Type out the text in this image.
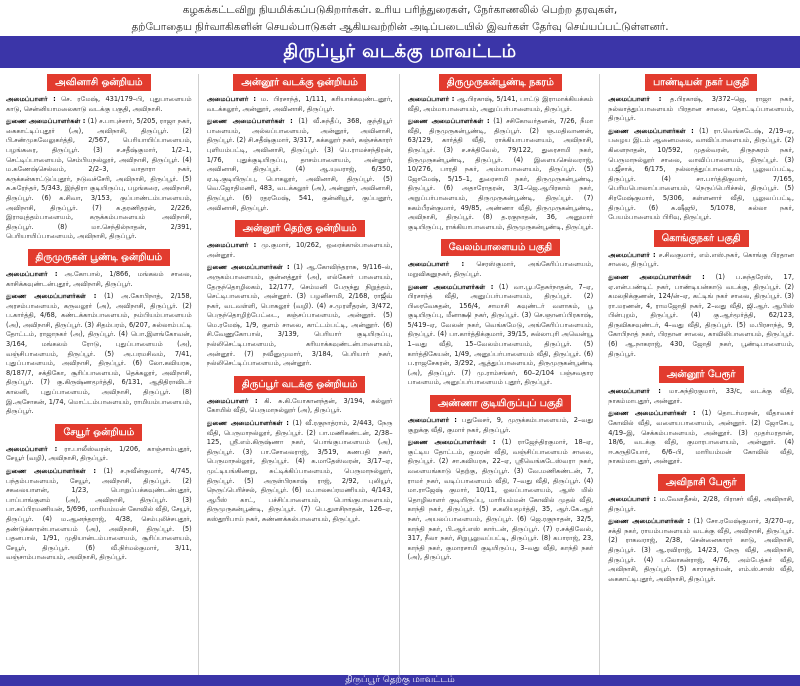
கழகக்கட்டவிறு நியமிக்கப்படுகிறார்கள். உரிய பரிந்துரைகள், நேர்காணலில் பெற்ற தரவுகள்,
தற்போதைய நிர்வாகிகளின் செயல்பாடுகள் ஆகியவற்றின் அடிப்படையில் இவர்கள் தேர்வு செய்யப்பட்டுள்ளனர்.
திருப்பூர் வடக்கு மாவட்டம்
அவினாசி ஒன்றியம்

அமைப்பாளர் : செ. ரமேஷ், 431/179–பி, புதுபாளையம் காடு, சென்னியாமலைகாடு வடக்கு பகுதி, அவிநாசி.

துணை அமைப்பாளர்கள் : (1) ச.பாபுச்சார், 5/205, ராஜா நகர், கைகாட்டிப்புதூர் (அ), அவிநாசி, திருப்பூர். (2) பி.சண்முகவேலுகர்த்தி, 2/567, பெரியாயிப்பாளையம், பழங்கரை, திருப்பூர். (3) ச.சதீஷ்குமார், 1/2–1, செட்டிப்பாளையம், செம்பியநல்லூர், அவிநாசி, திருப்பூர். (4) ம.கணேஷ்செல்வம், 2/2–3, வாதாரா நகர், கருக்கன்காட்டுப்புதூர், நடுவச்சேரி, அவிநாசி, திருப்பூர். (5) சு.சுரேந்தர், 5/343, இந்திரா குடியிருப்பு, பழங்கரை, அவிநாசி, திருப்பூர். (6) க.சிவா, 3/153, குப்பாண்டம்பாளையம், அவிநாசி, திருப்பூர். (7) க.தரணிதரன், 2/226, இராவுத்தம்பாளையம், கருக்கம்பாளையம் அவிநாசி, திருப்பூர். (8) மா.செந்தில்நாதன், 2/391, பெரியாயிப்பாளையம், அவிநாசி, திருப்பூர்.

திருமுருகன் பூண்டி ஒன்றியம்

அமைப்பாளர் : அ.கோபால், 1/866, மங்கலம் சாலை, காசிக்கவுண்டன்புதூர், அவிநாசி, திருப்பூர்.

துணை அமைப்பாளர்கள் : (1) அ.கோபிநாத், 2/158, அரசம்பாளையம், கருவலூர் (அ), அவிநாசி, திருப்பூர். (2) ப.கார்த்தி, 4/68, கண்டக்காம்பாளையம், நம்பியம்பாளையம் (அ), அவிநாசி, திருப்பூர். (3) சிதம்பரம், 6/207, சுல்லாம்பட்டி தோட்டம், ராஜாநகர் (அ), திருப்பூர். (4) பொ.இளங்கோவன், 3/164, மங்கலம் ரோடு, புதுப்பாளையம் (அ), வஞ்சிபாளையம், திருப்பூர். (5) அ.பரமசிவம், 7/41, புதுப்பாளையம், அவிநாசி, திருப்பூர். (6) லோ.கவியரசு, 8/187/7, சக்திகோ, சூரிப்பாளையம், தெக்கலூர், அவிநாசி, திருப்பூர். (7) கு.கிருஷ்ணமூர்த்தி, 6/131, ஆதிதிராவிடர் காலனி, புதுப்பாளையம், அவிநாசி, திருப்பூர். (8) இ.அசோகன், 1/74, மொட்டம்பாளையம், ராமியம்பாளையம், திருப்பூர்.

சேயூர் ஒன்றியம்

அமைப்பாளர் : ரா.பாலீஸ்வரன், 1/206, காஞ்சாம்புதூர், சேயூர் (வழி), அவிநாசி, திருப்பூர்.

துணை அமைப்பாளர்கள் : (1) ச.நவீன்குமார், 4/745, பந்தம்பாளையம், சேயூர், அவிநாசி, திருப்பூர். (2) சகலையாளன், 1/23, பொறுப்பக்கவுண்டன்புதூர், பாப்பாங்குளம் (அ), அவிநாசி, திருப்பூர். (3) பா.சுப்பிரமணியன், 5/696, மாரியம்மன் கோவில் வீதி, சேயூர், திருப்பூர். (4) ம.ஆனந்தராஜ், 4/38, செம்புலிச்சபுதூர், தண்டுக்காரன்பாளையம் (அ), அவிநாசி, திருப்பூர். (5) பதனபால், 1/91, முதியான்டம்பாளையம், சூரிப்பாளையம், சேயூர், திருப்பூர். (6) வீ.நிர்மல்குமார், 3/11, வஞ்சாம்பாளையம், அவிநாசி, திருப்பூர்.

அன்னூர் வடக்கு ஒன்றியம்

அமைப்பாளர் : ம. பிரசாந்த், 1/111, கரியாக்கவுண்டனூர், வடக்கலூர், அன்னூர், அவினாசி, திருப்பூர்.

துணை அமைப்பாளர்கள் : (1) வீ.சுந்தீப், 368, குந்தியூர் பாளையம், அல்லப்பாளையம், அன்னூர், அவினாசி, திருப்பூர். (2) சி.சதீஷ்குமார், 3/317, கக்கலூர் நகர், கஞ்சக்காரர் புளியம்பட்டி, அவினாசி, திருப்பூர். (3) பெ.ராமச்சந்திரன், 1/76, புதுக்குடியிருப்பு, தாசம்பாளையம், அன்னூர், அவினாசி, திருப்பூர். (4) ஆ.யுவராஜ், 6/350, ஏ.டி.குடியிருப்பு, பொகலூர், அவினாசி, திருப்பூர். (5) வெ.ஜோதிமணி, 483, வடக்கலூர் (அ), அன்னூர், அவினாசி, திருப்பூர். (6) ரதரமேஷ், 541, குன்னியூர், குப்பனூர், அவினாசி, திருப்பூர்.

அன்னூர் தெற்கு ஒன்றியம்

அமைப்பாளர் : மு.குமார், 10/262, ஒரைக்கால்பாளையம், அன்னூர்.

துணை அமைப்பாளர்கள் : (1) ஆ.கோவிந்தராசு, 9/116–ல், அருகம்பாளையம், குன்னத்தூர் (அ), எல்கேசர் பாளையம், தேருந்தொழிலகம், 12/177, செம்மனி பேருந்து நிறுத்தம், செட்டிபாளையம், அன்னூர். (3) பழனிசாமி, 2/168, ராஜீவ் நகர், வடவள்ளி, பொகலூர் (வழி). (4) ச.முரளீதரன், 3/472, பெருந்தொழிற்பேட்டை, கஞ்சப்பாளையம், அன்னூர். (5) மெ.ரமேஷ், 1/9, குளம் சாலை, காட்டம்பட்டி, அன்னூர். (6) சி.வேணுகோபால், 3/139, பெரியார் குடியிருப்பு, நல்லிசெட்டிபாளையம், கரியாக்கவுண்டன்பாளையம், அன்னூர். (7) நவீனுமுமார், 3/184, பெரியார் நகர், நல்லிசெட்டிப்பாளையம், அன்னூர்.

திருப்பூர் வடக்கு ஒன்றியம்

அமைப்பாளர் : கி. சு.கி.யோகானந்தன், 3/194, சுல்லூர் கோயில் வீதி, பெருமாநல்லூர் (அ), திருப்பூர்.

துணை அமைப்பாளர்கள் : (1) வீ.ரகுநாத்ராம், 2/443, நேரு வீதி, பெருமாநல்லூர், திருப்பூர். (2) பா.மணிகண்டன், 2/38–125, ஸ்ரீ.எம்.கிருஷ்ணா நகர், பொங்குபாளையம் (அ), திருப்பூர். (3) பா.சோலைராஜ், 3/519, கணபதி நகர், பெருமாநல்லூர், திருப்பூர். (4) க.மாதேஸ்வரன், 3/17–ஏ, முட்டியங்கிணறு, சுட்டிக்கிப்பாளையம், பெருமாநல்லூர், திருப்பூர். (5) அருள்பிரகாஷ் ராஜ், 2/92, புலியூர், நெருப்பெரிச்சல், திருப்பூர். (6) ம.பாலசுப்ரமணியம், 4/143, ஆபீஸ் காட், பச்சிப்பாளையம், பொங்குபாளையம், திருமுருகன்பூண்டி, திருப்பூர். (7) பெ.துளசிநாதன், 126–ஏ, கஸ்தூரிபாய் நகர், சுண்ணக்கல்பாளையம், திருப்பூர்.

திருமுருகன்பூண்டி நகரம்

அமைப்பாளர் : ஆ.பிரகாஷ், 5/141, பாட்டு இராமாக்கியக்கம் வீதி, அம்மாபாளையம், அனுப்பர்பாளையம், திருப்பூர்.

துணை அமைப்பாளர்கள் : (1) சசிகோவர்தனன், 7/26, நீமா வீதி, திருமுருகன்பூண்டி, திருப்பூர். (2) ஞ.மதிவாணன், 63/129, கார்த்தி வீதி, ராக்கியாபாளையம், அவிநாசி, திருப்பூர். (3) ச.சக்திவேல், 79/122, துரைசாமி நகர், திருமுருகன்பூண்டி, திருப்பூர். (4) இளையசெல்வராஜ், 10/276, பாரதி நகர், அம்மாபாளையம், திருப்பூர். (5) ஜோமேஷ், 5/15–1, துரைசாமி நகர், திருமுருகன்பூண்டி, திருப்பூர். (6) அதாரோதரன், 3/1–ஜெ.ஆபிரகாம் நகர், அநுப்பர்பாளையம், திருமுருகன்பூண்டி, திருப்பூர். (7) சுகம்பீரன்குமார், 49/85, அண்ணா வீதி, திருமுருகன்பூண்டி, அவிநாசி, திருப்பூர். (8) த.ரகுநாதன், 36, அனுமார் குடியிருப்பு, ராக்கியாபாளையம், திருமுருகன்பூண்டி, திருப்பூர்.

வேலம்பாளையம் பகுதி

அமைப்பாளர் : செரஸ்குமார், அங்கேரிப்பாளையம், மறுவிகனுநகர், திருப்பூர்.

துணை அமைப்பாளர்கள் : (1) வா.பூபதேசுர்நாதன், 7–ஏ, பிரசாந்த் வீதி, அனுப்பர்பாளையம், திருப்பூர். (2) பிரைவேசுதன், 156/4, சாமாசி கவுண்டர் வளாகம், பூ குடியிருப்பு, மீனாக்ஷி நகர், திருப்பூர். (3) செ.ஞானப்பிரகாஷ், 5/419–ஏ, வேலன் நகர், வெங்கமேடு, அங்கேரிப்பாளையம், திருப்பூர். (4) பா.கார்த்திக்குமார், 39/15, சுல்லாபுரி அவென்யூ 1–வது வீதி, 15–வேலம்பாளையம், திருப்பூர். (5) கார்த்திகேயன், 1/49, அனுப்பர்பாளையம் வீதி, திருப்பூர். (6) ப.ராஜசேகரன், 3/292, ஆத்துப்பாளையம், திருமுருகன்பூண்டி (அ), திருப்பூர். (7) மு.ராம்சங்கர், 60–2/104 பஞ்சவதார பாளையம், அனுப்பர்பாளையம் புதூர், திருப்பூர்.

அண்ணா குடியிருப்புப் பகுதி

அமைப்பாளர் : பதுலேசர், 9, முருக்கம்பாளையம், 2–வது குறுக்கு வீதி, குமார் நகர், திருப்பூர்.

துணை அமைப்பாளர்கள் : (1) ராஜேந்திரகுமார், 18–ஏ, குட்டிய தோட்டம், குமரன் வீதி, வஞ்சிப்பாளையம் சாலை, திருப்பூர். (2) சா.கவியரசு, 22–ஏ, ஸ்ரீவெங்கடேஸ்வரா நகர், வளையங்காடு தெற்கு, திருப்பூர். (3) வே.மணிகண்டன், 7, ராமர் நகர், வடிப்பாளையம் வீதி, 7–வது வீதி, திருப்பூர். (4) மா.ராஜேஷ் குமார், 10/11, ஓலப்பாளையம், ஆஸ் மில் தொழிலாளர் குடியிருப்பு, மாரியம்மன் கோவில் முதல் வீதி, காந்தி நகர், திருப்பூர். (5) ச.கலியமூர்த்தி, 35, ஆர்.கே.ஆர் நகர், அயலப்பாளையம், திருப்பூர். (6) ஜெ.ரகுநாதன், 32/5, காந்தி நகர், பி.ஆர்.எஸ் கார்டன், திருப்பூர். (7) ர.சக்திவேல், 317, நீலா நகர், சிறுபூலுவப்பட்டி, திருப்பூர். (8) கபாராஜ், 23, காந்தி நகர், குமாரசாமி குடியிருப்பு, 3–வது வீதி, காந்தி நகர் (அ), திருப்பூர்.

பாண்டியன் நகர் பகுதி

அமைப்பாளர் : த.பிரகாஷ், 3/372–ஜெ, ராஜா நகர், நல்லாத்துப்பாளையம் பிரதான சாலை, தொட்டிப்பாளையம், திருப்பூர்.

துணை அமைப்பாளர்கள் : (1) ரா.வெங்கடேஷ், 2/19–ஏ, பழைய இடம் ஆனைமலை, வாவிப்பாளையம், திருப்பூர். (2) கிளைநாதன், 10/592, முதல்வரன், திருநகரம் நகர், பெருமாநல்லூர் சாலை, வாவிப்பாளையம், திருப்பூர். (3) ப.ஜீசாக், 6/175, நல்லாத்துப்பாளையம், பூலுவப்பட்டி, திருப்பூர். (4) சா.பார்த்திகுமார், 7/165, பெரியபொலாப்பாளையம், நெருப்பெரிச்சல், திருப்பூர். (5) சிரமேஷ்குமார், 5/306, கள்ளனார் வீதி, பூலுவப்பட்டி, திருப்பூர். (6) சு.ஷீஜூ, 5/1078, சுல்லா நகர், பேயம்பாளையம் பிரிவு, திருப்பூர்.

கொங்குநகர் பகுதி

அமைப்பாளர் : ச.சிவகுமார், எம்.எஸ்.நகர், கொங்கு பிரதான சாலை, திருப்பூர்.

துணை அமைப்பாளர்கள் : (1) ப.சுந்தரேஸ், 17, ஏ.என்.பண்டிட் நகர், பாண்டியன்காடு வடக்கு, திருப்பூர். (2) கமலநிக்குணன், 124/ன்–ஏ, கட்டிங் நகர் சாலை, திருப்பூர். (3) ரா.மரணன், 4, ராமஜோதி நகர், 2–வது வீதி, ஜி.ஆர். ஆபிஸ் பின்புறம், திருப்பூர். (4) கு.ஆர்மூர்த்தி, 62/123, திருவிகசவுண்டர், 4–வது வீதி, திருப்பூர். (5) ம.பிரசாந்த், 9, கோபிநாத் நகர், பிரதான சாலை, காவிலிபாளையம், திருப்பூர். (6) ஆ.நாகராஜ், 430, ஜோதி நகர், பூண்டிபாளையம், திருப்பூர்.

அன்னூர் பேரூர்

அமைப்பாளர் : மா.சுந்திரகுமார், 33/c, வடக்கு வீதி, நாகம்மாபுதூர், அன்னூர்.

துணை அமைப்பாளர்கள் : (1) தொடர்மரசன், வீதாவகர் கோவில் வீதி, வளையபாளையம், அன்னூர். (2) ஜோசேபு, 4/19–இ, செக்கம்பாளையம், அன்னூர். (3) முதர்மரதான், 18/6, வடக்கு வீதி, குமாரபாளையம், அன்னூர். (4) ஈ.சுருதியோர், 6/6–பி, மாரியம்மன் கோவில் வீதி, நாகம்மாபுதூர், அன்னூர்.

அவிநாசி பேரூர்

அமைப்பாளர் : ம.வேளதீசல், 2/28, பிராசர் வீதி, அவிநாசி, திருப்பூர்.

துணை அமைப்பாளர்கள் : (1) சோ.ரமேஷ்குமார், 3/270–ஏ, சக்தி நகர், ராயம்பாளையம் வடக்கு வீதி, அவிநாசி, திருப்பூர். (2) ராகவராஜ், 2/38, சென்னைகாரர் காடு, அவிநாசி, திருப்பூர். (3) ஆ.ரவிராஜ், 14/23, நேரு வீதி, அவிநாசி, திருப்பூர். (4) பலோகன்ராஜ், 4/76, அம்பேத்கர் வீதி, அவிநாசி, திருப்பூர். (5) காராசுதர்மன், எம்.ஸ்.சாஸ் வீதி, கைகாட்டிபுதூர், அவிநாசி, திருப்பூர்.

திருப்பூர் தெற்கு மாவட்டம்
